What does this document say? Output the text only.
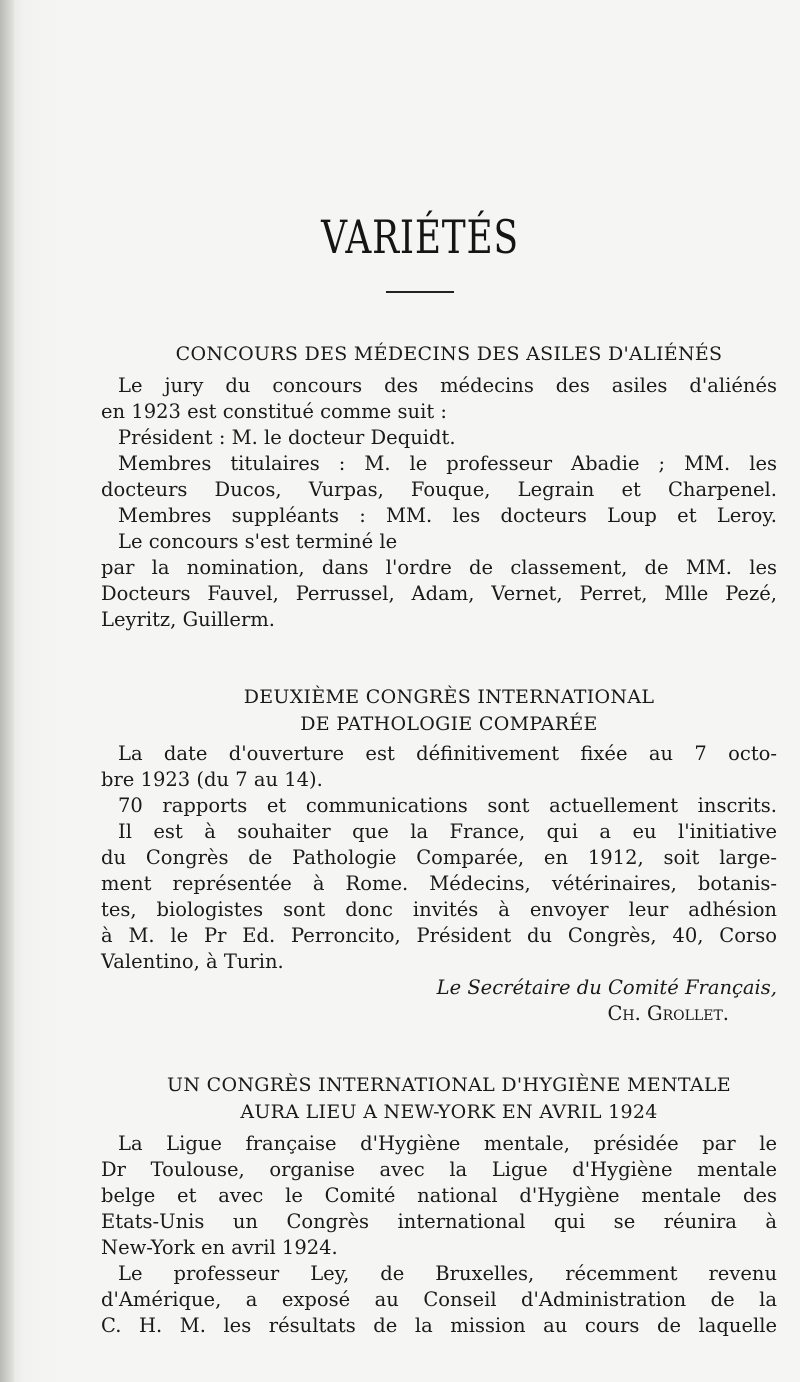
VARIÉTÉS
CONCOURS DES MÉDECINS DES ASILES D'ALIÉNÉS
Le jury du concours des médecins des asiles d'aliénés
en 1923 est constitué comme suit :
Président : M. le docteur Dequidt.
Membres titulaires : M. le professeur Abadie ; MM. les
docteurs Ducos, Vurpas, Fouque, Legrain et Charpenel.
Membres suppléants : MM. les docteurs Loup et Leroy.
Le concours s'est terminé le
par la nomination, dans l'ordre de classement, de MM. les
Docteurs Fauvel, Perrussel, Adam, Vernet, Perret, Mlle Pezé,
Leyritz, Guillerm.
DEUXIÈME CONGRÈS INTERNATIONAL
DE PATHOLOGIE COMPARÉE
La date d'ouverture est définitivement fixée au 7 octo-
bre 1923 (du 7 au 14).
70 rapports et communications sont actuellement inscrits.
Il est à souhaiter que la France, qui a eu l'initiative
du Congrès de Pathologie Comparée, en 1912, soit large-
ment représentée à Rome. Médecins, vétérinaires, botanis-
tes, biologistes sont donc invités à envoyer leur adhésion
à M. le Pr Ed. Perroncito, Président du Congrès, 40, Corso
Valentino, à Turin.
Le Secrétaire du Comité Français,
Ch. Grollet.
UN CONGRÈS INTERNATIONAL D'HYGIÈNE MENTALE
AURA LIEU A NEW-YORK EN AVRIL 1924
La Ligue française d'Hygiène mentale, présidée par le
Dr Toulouse, organise avec la Ligue d'Hygiène mentale
belge et avec le Comité national d'Hygiène mentale des
Etats-Unis un Congrès international qui se réunira à
New-York en avril 1924.
Le professeur Ley, de Bruxelles, récemment revenu
d'Amérique, a exposé au Conseil d'Administration de la
C. H. M. les résultats de la mission au cours de laquelle
